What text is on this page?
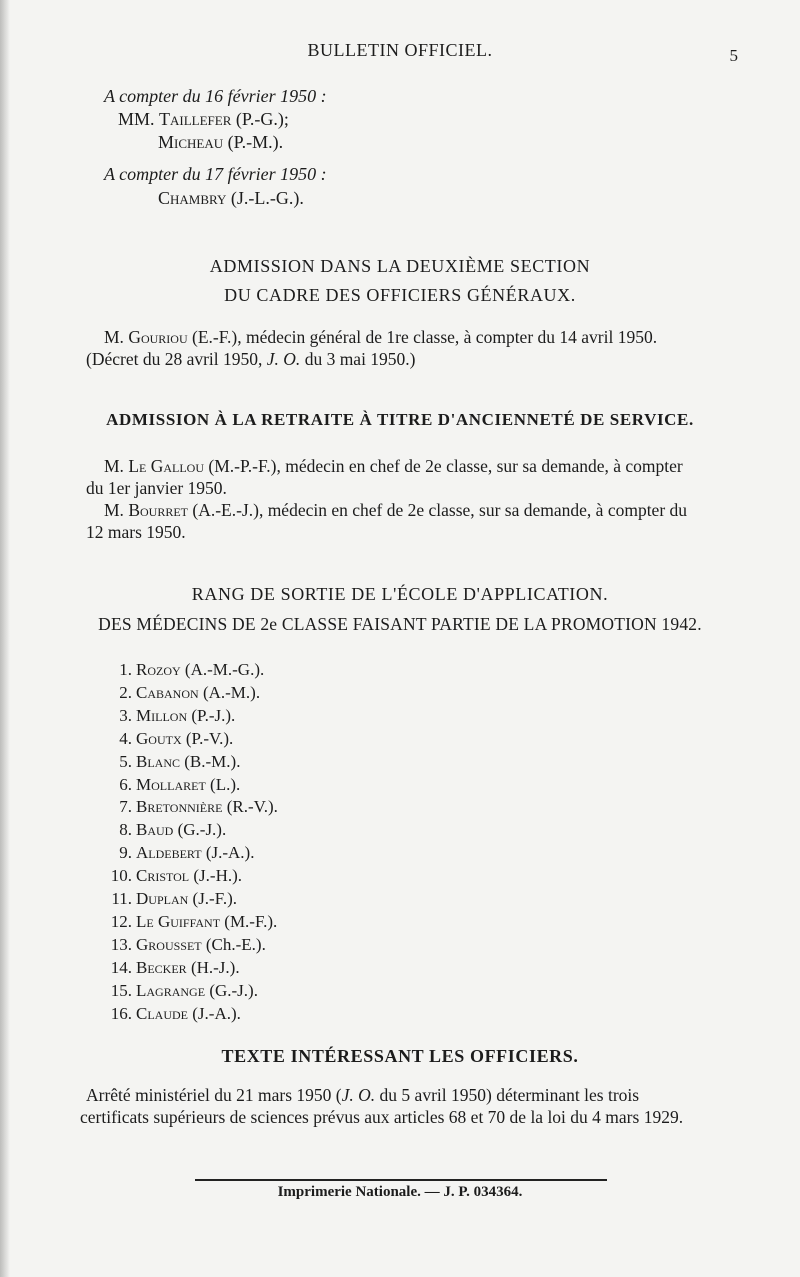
BULLETIN OFFICIEL.	5
A compter du 16 février 1950 :
MM. Taillefer (P.-G.);
Micheau (P.-M.).
A compter du 17 février 1950 :
Chambry (J.-L.-G.).
ADMISSION DANS LA DEUXIÈME SECTION
DU CADRE DES OFFICIERS GÉNÉRAUX.
M. Gouriou (E.-F.), médecin général de 1re classe, à compter du 14 avril 1950.
(Décret du 28 avril 1950, J. O. du 3 mai 1950.)
ADMISSION À LA RETRAITE À TITRE D'ANCIENNETÉ DE SERVICE.
M. Le Gallou (M.-P.-F.), médecin en chef de 2e classe, sur sa demande, à compter
du 1er janvier 1950.
M. Bourret (A.-E.-J.), médecin en chef de 2e classe, sur sa demande, à compter du
12 mars 1950.
RANG DE SORTIE DE L'ÉCOLE D'APPLICATION.
DES MÉDECINS DE 2e CLASSE FAISANT PARTIE DE LA PROMOTION 1942.
1. Rozoy (A.-M.-G.).
2. Cabanon (A.-M.).
3. Millon (P.-J.).
4. Goutx (P.-V.).
5. Blanc (B.-M.).
6. Mollaret (L.).
7. Bretonnière (R.-V.).
8. Baud (G.-J.).
9. Aldebert (J.-A.).
10. Cristol (J.-H.).
11. Duplan (J.-F.).
12. Le Guiffant (M.-F.).
13. Grousset (Ch.-E.).
14. Becker (H.-J.).
15. Lagrange (G.-J.).
16. Claude (J.-A.).
TEXTE INTÉRESSANT LES OFFICIERS.
Arrêté ministériel du 21 mars 1950 (J. O. du 5 avril 1950) déterminant les trois
certificats supérieurs de sciences prévus aux articles 68 et 70 de la loi du 4 mars 1929.
Imprimerie Nationale. — J. P. 034364.
